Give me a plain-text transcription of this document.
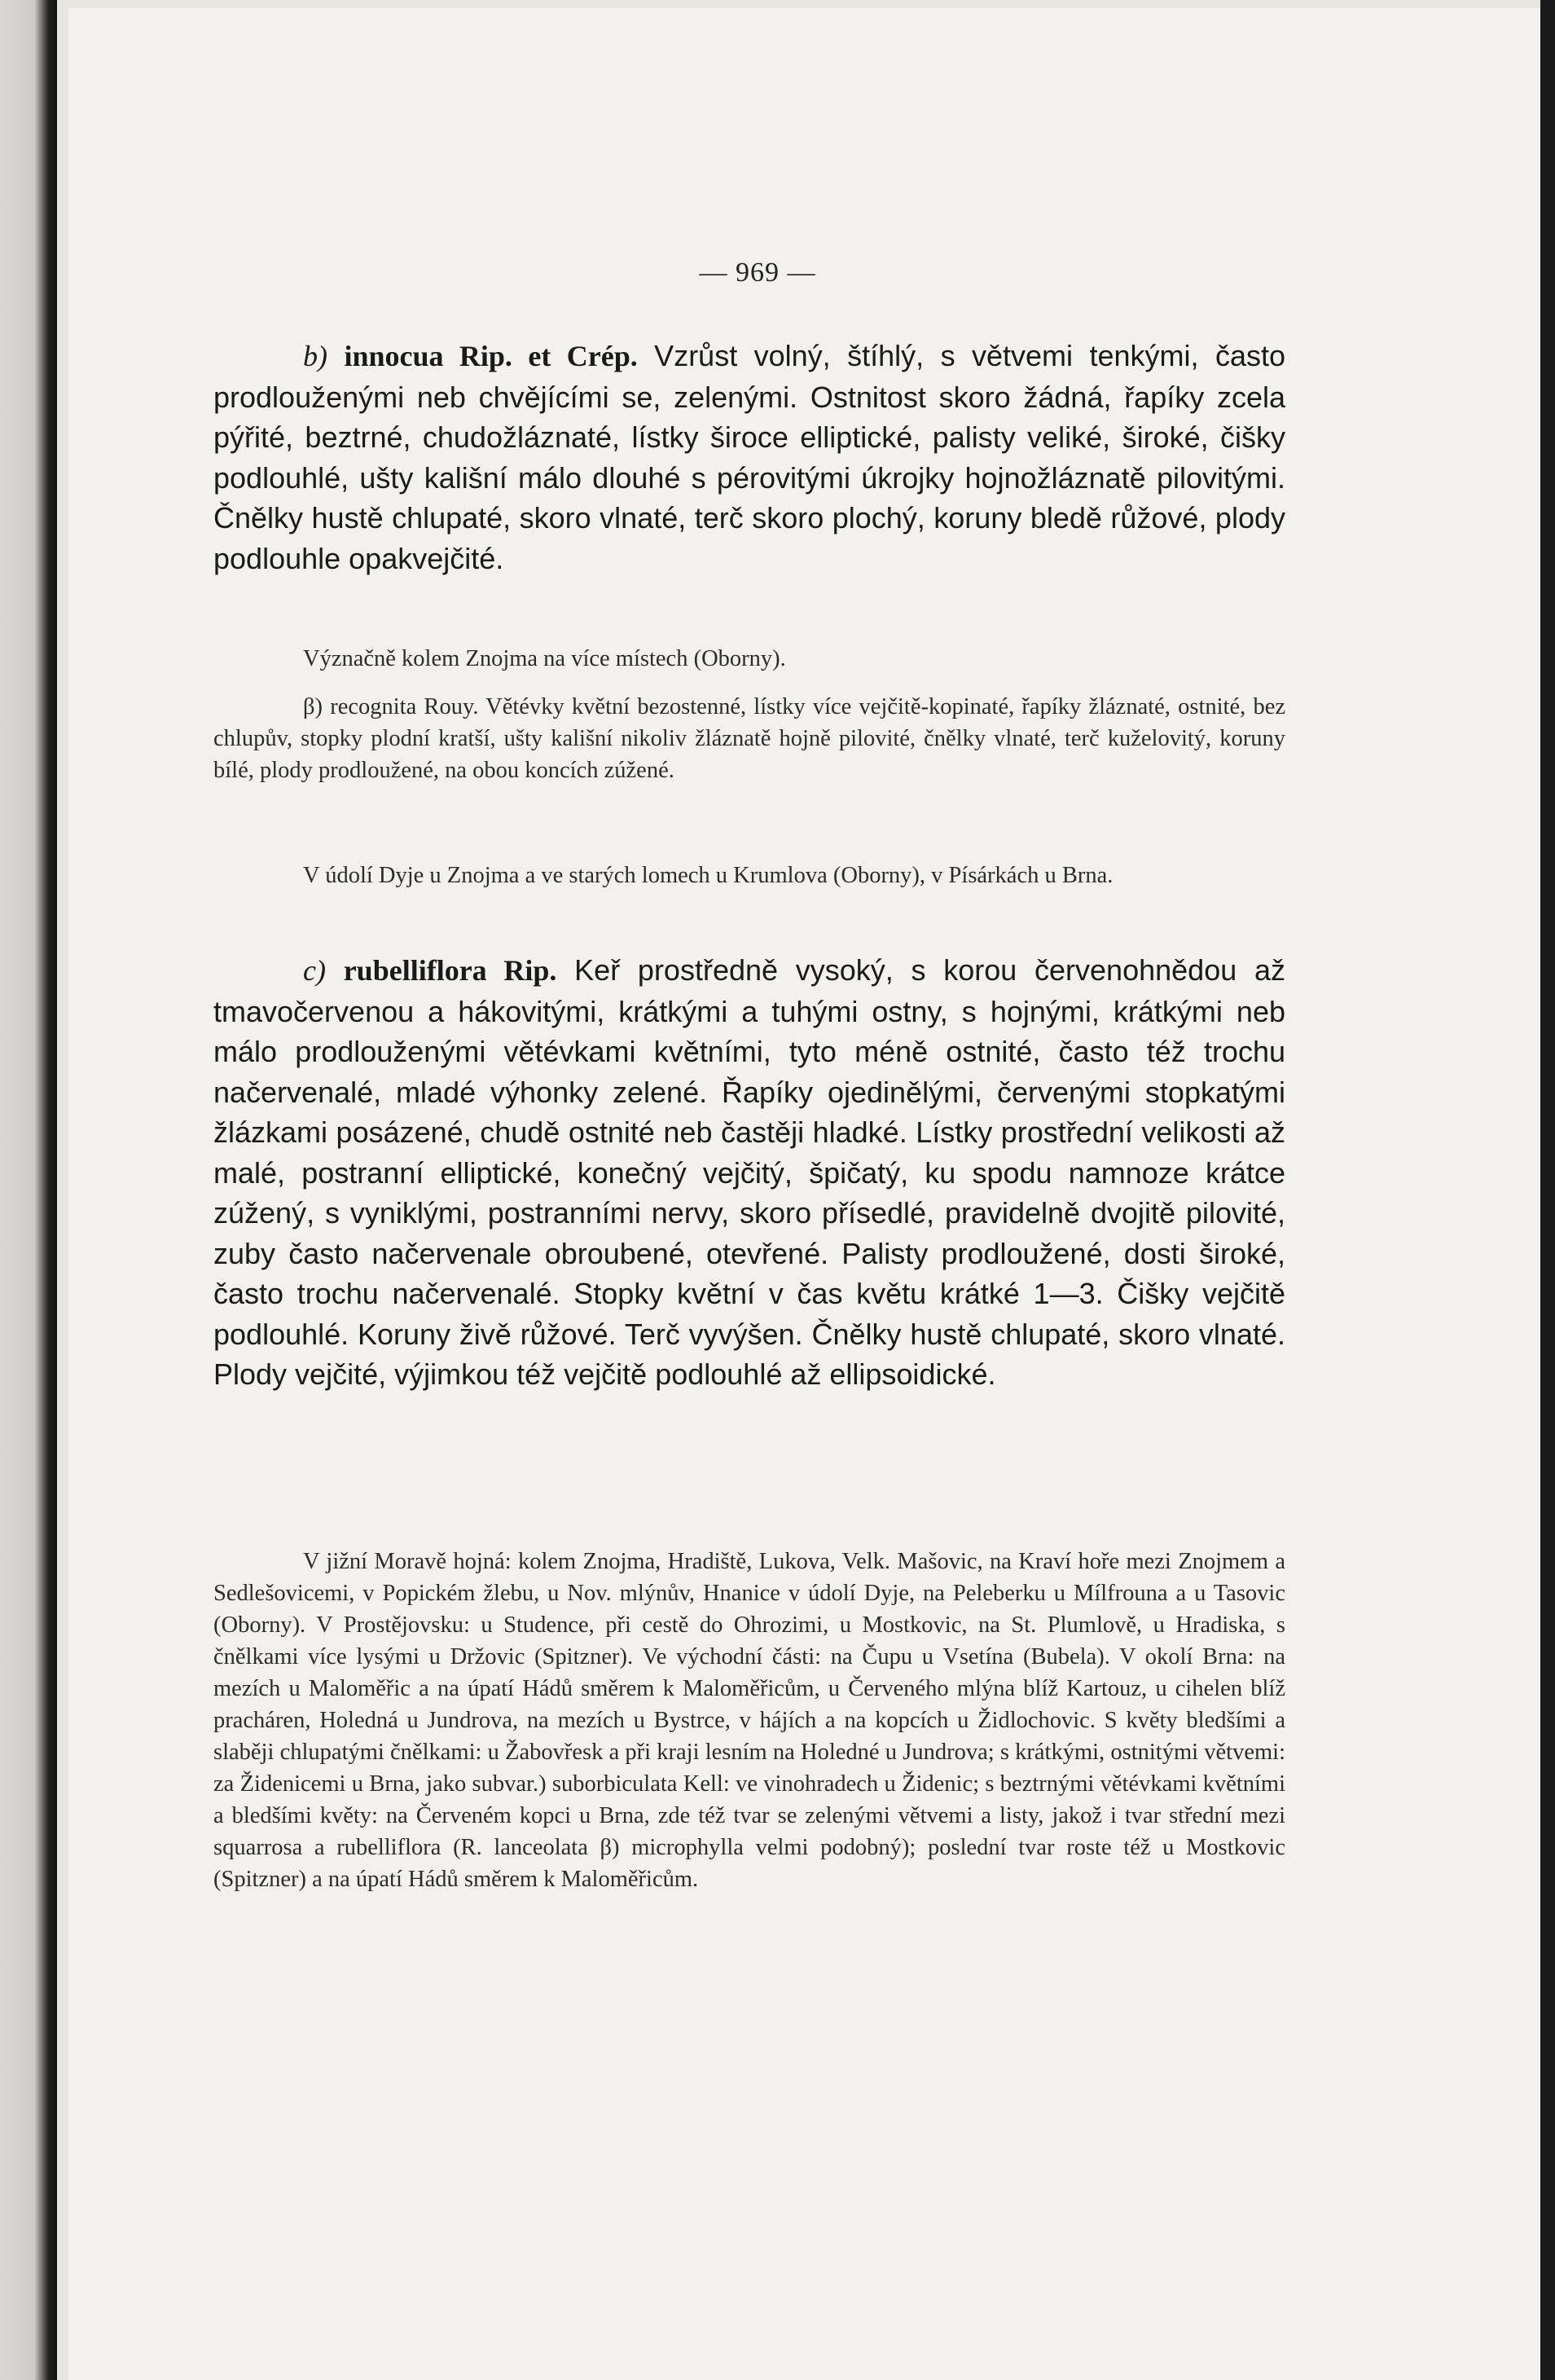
— 969 —

b) innocua Rip. et Crép. Vzrůst volný, štíhlý, s větvemi tenkými, často prodlouženými neb chvějícími se, zelenými. Ostnitost skoro žádná, řapíky zcela pýřité, beztrné, chudožláznaté, lístky široce elliptické, palisty veliké, široké, čišky podlouhlé, ušty kališní málo dlouhé s pérovitými úkrojky hojnožláznatě pilovitými. Čnělky hustě chlupaté, skoro vlnaté, terč skoro plochý, koruny bledě růžové, plody podlouhle opakvejčité.

Význačně kolem Znojma na více místech (Oborny).

β) recognita Rouy. Větévky květní bezostenné, lístky více vejčitě-kopinaté, řapíky žláznaté, ostnité, bez chlupův, stopky plodní kratší, ušty kališní nikoliv žláznatě hojně pilovité, čnělky vlnaté, terč kuželovitý, koruny bílé, plody prodloužené, na obou koncích zúžené.

V údolí Dyje u Znojma a ve starých lomech u Krumlova (Oborny), v Písárkách u Brna.

c) rubelliflora Rip. Keř prostředně vysoký, s korou červenohnědou až tmavočervenou a hákovitými, krátkými a tuhými ostny, s hojnými, krátkými neb málo prodlouženými větévkami květními, tyto méně ostnité, často též trochu načervenalé, mladé výhonky zelené. Řapíky ojedinělými, červenými stopkatými žlázkami posázené, chudě ostnité neb častěji hladké. Lístky prostřední velikosti až malé, postranní elliptické, konečný vejčitý, špičatý, ku spodu namnoze krátce zúžený, s vyniklými, postranními nervy, skoro přísedlé, pravidelně dvojitě pilovité, zuby často načervenale obroubené, otevřené. Palisty prodloužené, dosti široké, často trochu načervenalé. Stopky květní v čas květu krátké 1—3. Čišky vejčitě podlouhlé. Koruny živě růžové. Terč vyvýšen. Čnělky hustě chlupaté, skoro vlnaté. Plody vejčité, výjimkou též vejčitě podlouhlé až ellipsoidické.

V jižní Moravě hojná: kolem Znojma, Hradiště, Lukova, Velk. Mašovic, na Kraví hoře mezi Znojmem a Sedlešovicemi, v Popickém žlebu, u Nov. mlýnův, Hnanice v údolí Dyje, na Peleberku u Mílfrouna a u Tasovic (Oborny). V Prostějovsku: u Studence, při cestě do Ohrozimi, u Mostkovic, na St. Plumlově, u Hradiska, s čnělkami více lysými u Držovic (Spitzner). Ve východní části: na Čupu u Vsetína (Bubela). V okolí Brna: na mezích u Maloměřic a na úpatí Hádů směrem k Maloměřicům, u Červeného mlýna blíž Kartouz, u cihelen blíž pracháren, Holedná u Jundrova, na mezích u Bystrce, v hájích a na kopcích u Židlochovic. S květy bledšími a slaběji chlupatými čnělkami: u Žabovřesk a při kraji lesním na Holedné u Jundrova; s krátkými, ostnitými větvemi: za Židenicemi u Brna, jako subvar.) suborbiculata Kell: ve vinohradech u Židenic; s beztrnými větévkami květními a bledšími květy: na Červeném kopci u Brna, zde též tvar se zelenými větvemi a listy, jakož i tvar střední mezi squarrosa a rubelliflora (R. lanceolata β) microphylla velmi podobný); poslední tvar roste též u Mostkovic (Spitzner) a na úpatí Hádů směrem k Maloměřicům.
